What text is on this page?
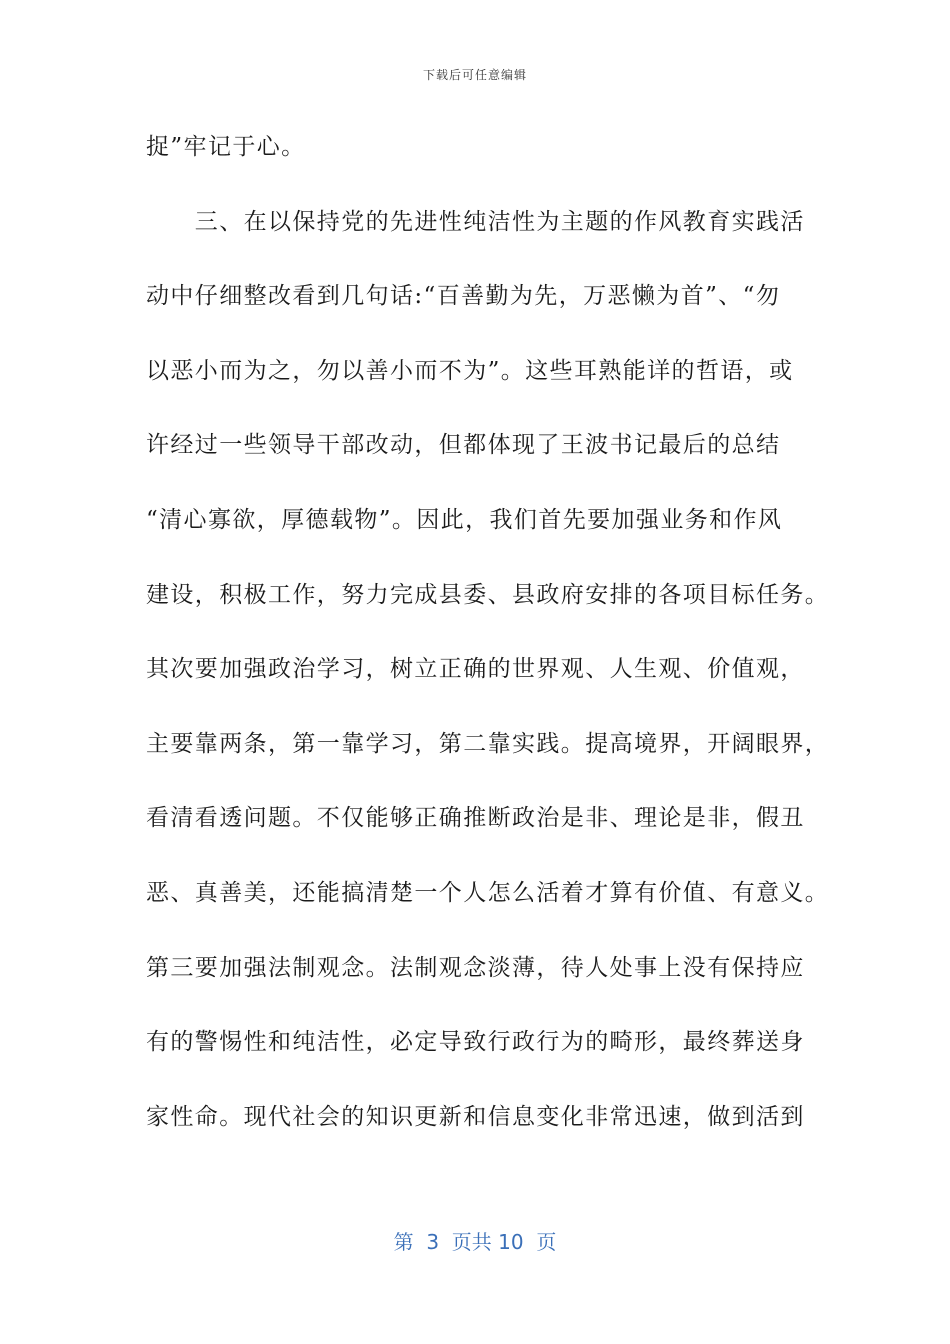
下载后可任意编辑
捉”牢记于心。
　　三、在以保持党的先进性纯洁性为主题的作风教育实践活
动中仔细整改看到几句话:“百善勤为先，万恶懒为首”、“勿
以恶小而为之，勿以善小而不为”。这些耳熟能详的哲语，或
许经过一些领导干部改动，但都体现了王波书记最后的总结
“清心寡欲，厚德载物”。因此，我们首先要加强业务和作风
建设，积极工作，努力完成县委、县政府安排的各项目标任务。
其次要加强政治学习，树立正确的世界观、人生观、价值观，
主要靠两条，第一靠学习，第二靠实践。提高境界，开阔眼界，
看清看透问题。不仅能够正确推断政治是非、理论是非，假丑
恶、真善美，还能搞清楚一个人怎么活着才算有价值、有意义。
第三要加强法制观念。法制观念淡薄，待人处事上没有保持应
有的警惕性和纯洁性，必定导致行政行为的畸形，最终葬送身
家性命。现代社会的知识更新和信息变化非常迅速，做到活到
第  3  页共 10  页
